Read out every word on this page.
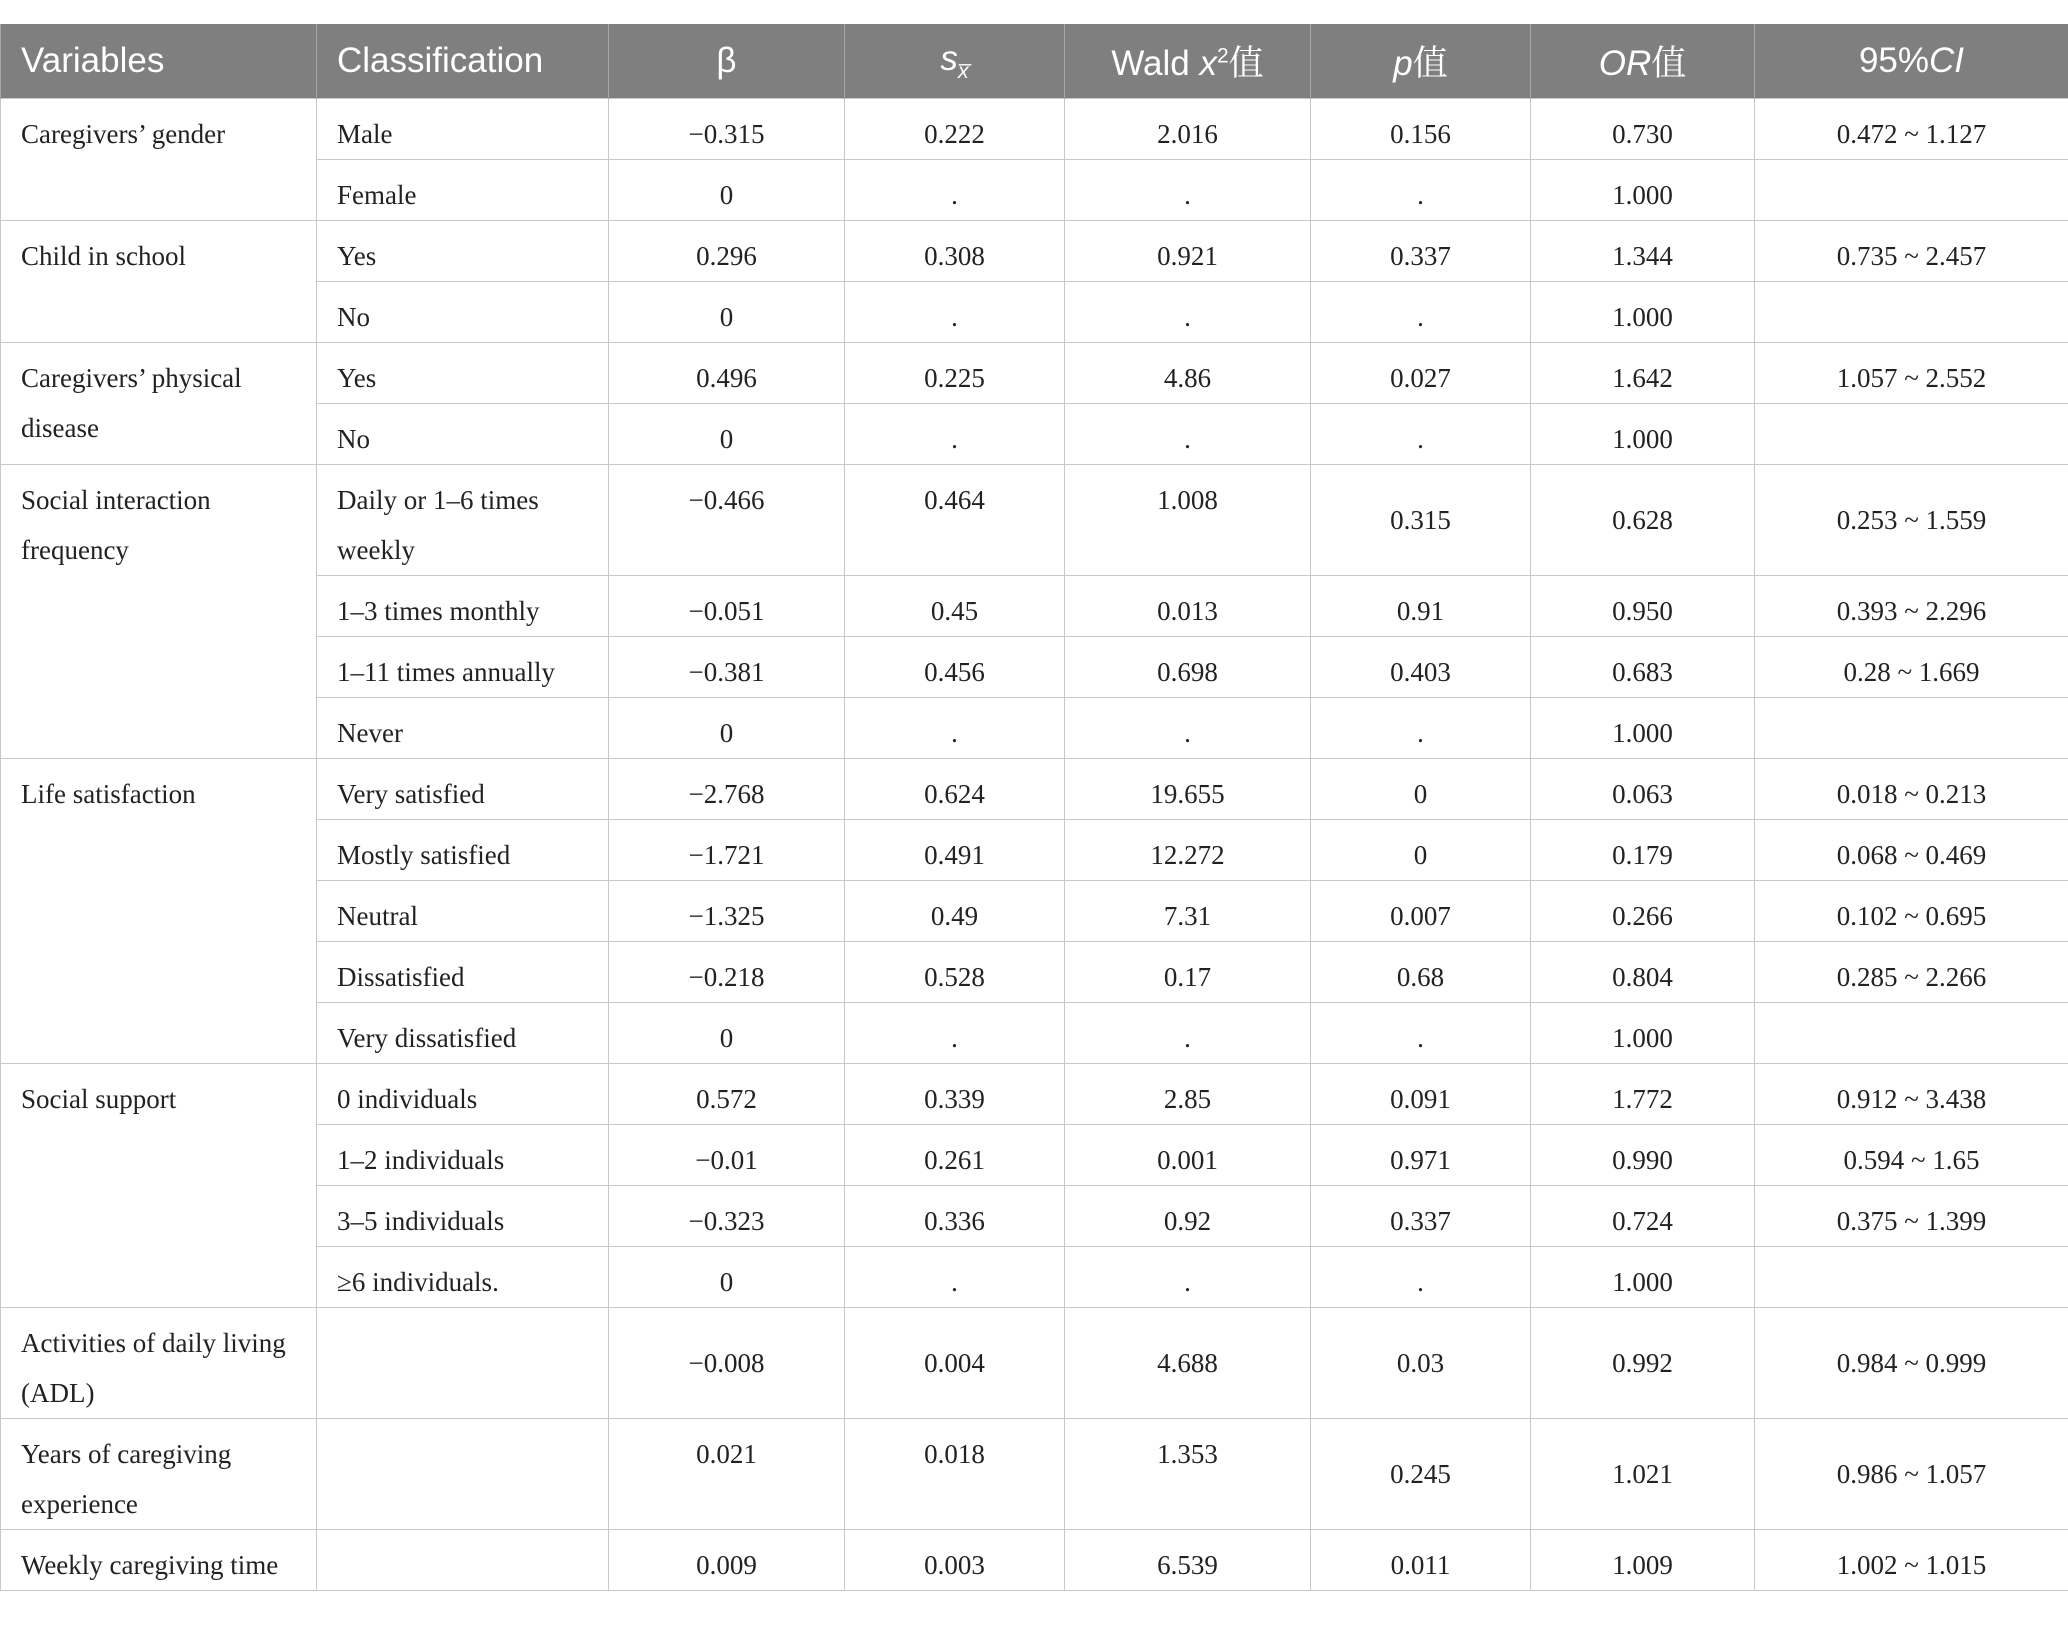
Variables	Classification	β	$s_{x̅}$	Wald $x^2$值	p值	OR值	95%CI
Caregivers’ gender	Male	−0.315	0.222	2.016	0.156	0.730	0.472 ~ 1.127
	Female	0	.	.	.	1.000	
Child in school	Yes	0.296	0.308	0.921	0.337	1.344	0.735 ~ 2.457
	No	0	.	.	.	1.000	
Caregivers’ physical disease	Yes	0.496	0.225	4.86	0.027	1.642	1.057 ~ 2.552
	No	0	.	.	.	1.000	
Social interaction frequency	Daily or 1–6 times weekly	−0.466	0.464	1.008	0.315	0.628	0.253 ~ 1.559
	1–3 times monthly	−0.051	0.45	0.013	0.91	0.950	0.393 ~ 2.296
	1–11 times annually	−0.381	0.456	0.698	0.403	0.683	0.28 ~ 1.669
	Never	0	.	.	.	1.000	
Life satisfaction	Very satisfied	−2.768	0.624	19.655	0	0.063	0.018 ~ 0.213
	Mostly satisfied	−1.721	0.491	12.272	0	0.179	0.068 ~ 0.469
	Neutral	−1.325	0.49	7.31	0.007	0.266	0.102 ~ 0.695
	Dissatisfied	−0.218	0.528	0.17	0.68	0.804	0.285 ~ 2.266
	Very dissatisfied	0	.	.	.	1.000	
Social support	0 individuals	0.572	0.339	2.85	0.091	1.772	0.912 ~ 3.438
	1–2 individuals	−0.01	0.261	0.001	0.971	0.990	0.594 ~ 1.65
	3–5 individuals	−0.323	0.336	0.92	0.337	0.724	0.375 ~ 1.399
	≥6 individuals.	0	.	.	.	1.000	
Activities of daily living (ADL)		−0.008	0.004	4.688	0.03	0.992	0.984 ~ 0.999
Years of caregiving experience		0.021	0.018	1.353	0.245	1.021	0.986 ~ 1.057
Weekly caregiving time		0.009	0.003	6.539	0.011	1.009	1.002 ~ 1.015
